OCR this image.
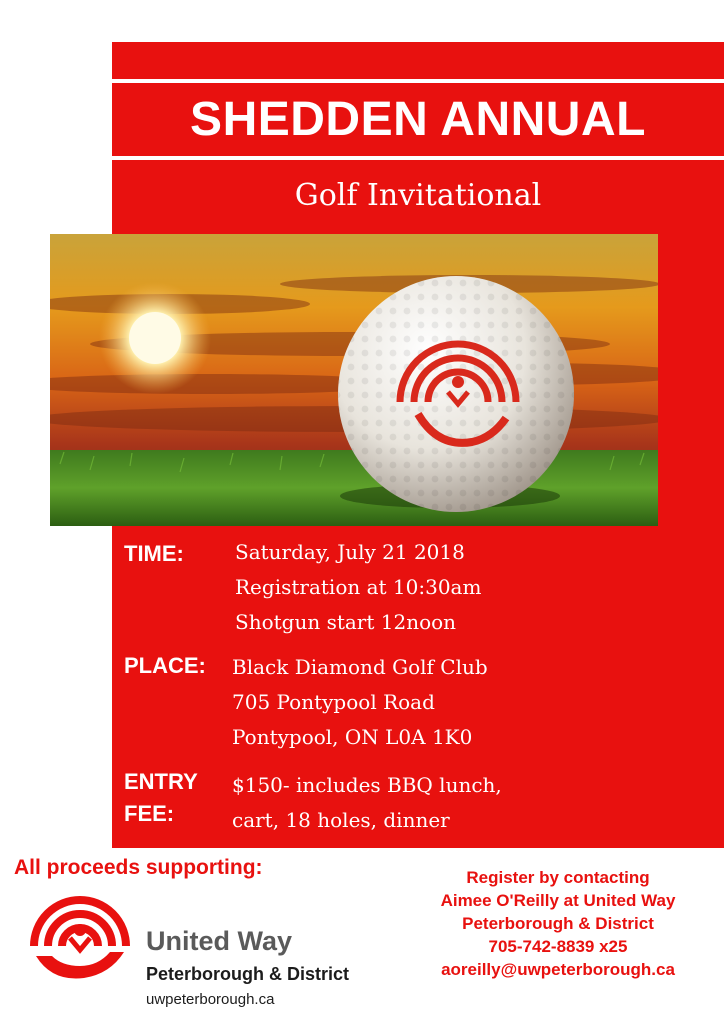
SHEDDEN ANNUAL
Golf Invitational
TIME:	Saturday, July 21 2018
Registration at 10:30am
Shotgun start 12noon
PLACE: Black Diamond Golf Club
705 Pontypool Road
Pontypool, ON L0A 1K0
ENTRY
FEE:
$150- includes BBQ lunch,
cart, 18 holes, dinner
All proceeds supporting:
United Way
Peterborough & District
uwpeterborough.ca
Register by contacting
Aimee O'Reilly at United Way
Peterborough & District
705-742-8839 x25
aoreilly@uwpeterborough.ca
